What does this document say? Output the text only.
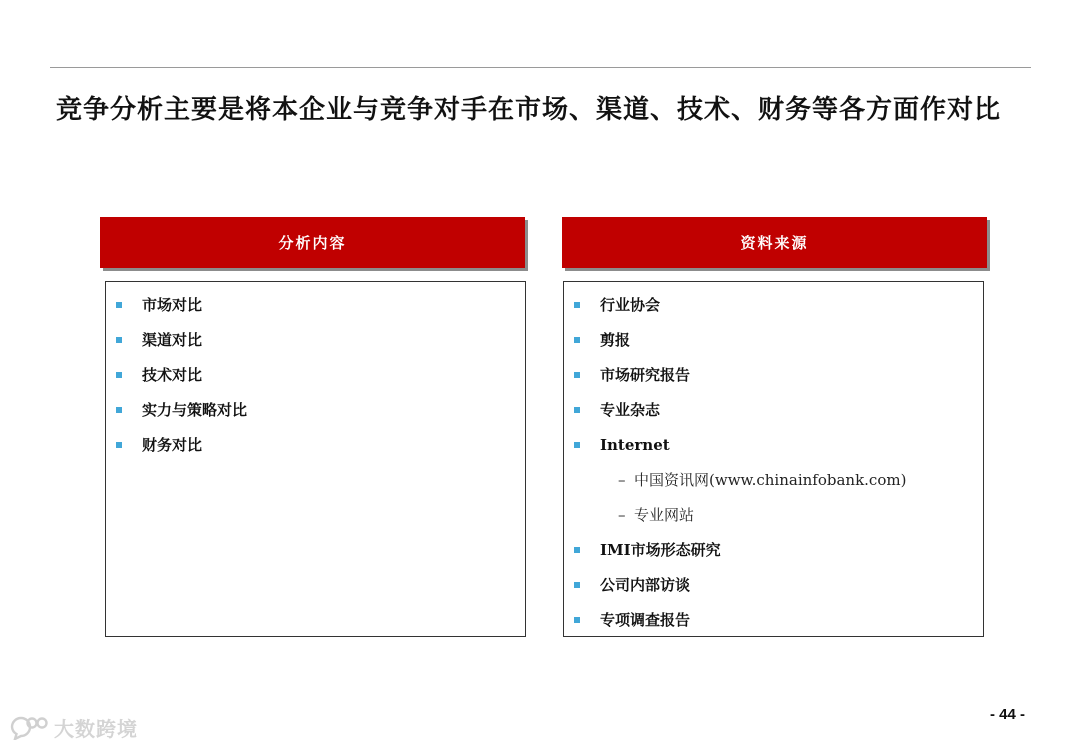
竞争分析主要是将本企业与竞争对手在市场、渠道、技术、财务等各方面作对比
分析内容	资料来源
市场对比
渠道对比
技术对比
实力与策略对比
财务对比
行业协会
剪报
市场研究报告
专业杂志
Internet
– 中国资讯网(www.chinainfobank.com)
– 专业网站
IMI市场形态研究
公司内部访谈
专项调查报告
大数跨境
- 44 -
